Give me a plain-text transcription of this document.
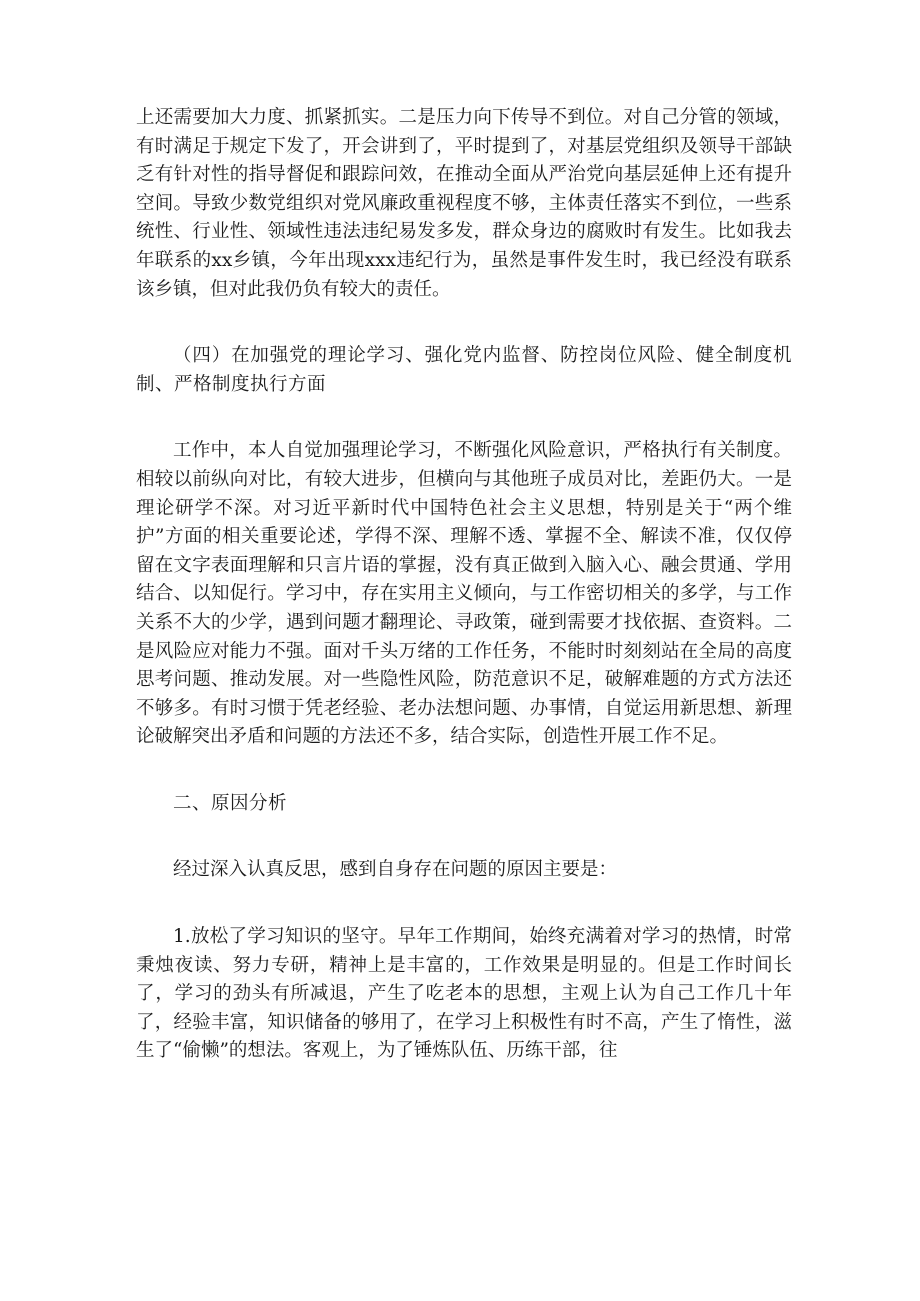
上还需要加大力度、抓紧抓实。二是压力向下传导不到位。对自己分管的领域，有时满足于规定下发了，开会讲到了，平时提到了，对基层党组织及领导干部缺乏有针对性的指导督促和跟踪问效，在推动全面从严治党向基层延伸上还有提升空间。导致少数党组织对党风廉政重视程度不够，主体责任落实不到位，一些系统性、行业性、领域性违法违纪易发多发，群众身边的腐败时有发生。比如我去年联系的xx乡镇，今年出现xxx违纪行为，虽然是事件发生时，我已经没有联系该乡镇，但对此我仍负有较大的责任。

（四）在加强党的理论学习、强化党内监督、防控岗位风险、健全制度机制、严格制度执行方面

工作中，本人自觉加强理论学习，不断强化风险意识，严格执行有关制度。相较以前纵向对比，有较大进步，但横向与其他班子成员对比，差距仍大。一是理论研学不深。对习近平新时代中国特色社会主义思想，特别是关于“两个维护”方面的相关重要论述，学得不深、理解不透、掌握不全、解读不准，仅仅停留在文字表面理解和只言片语的掌握，没有真正做到入脑入心、融会贯通、学用结合、以知促行。学习中，存在实用主义倾向，与工作密切相关的多学，与工作关系不大的少学，遇到问题才翻理论、寻政策，碰到需要才找依据、查资料。二是风险应对能力不强。面对千头万绪的工作任务，不能时时刻刻站在全局的高度思考问题、推动发展。对一些隐性风险，防范意识不足，破解难题的方式方法还不够多。有时习惯于凭老经验、老办法想问题、办事情，自觉运用新思想、新理论破解突出矛盾和问题的方法还不多，结合实际，创造性开展工作不足。

二、原因分析

经过深入认真反思，感到自身存在问题的原因主要是：

1.放松了学习知识的坚守。早年工作期间，始终充满着对学习的热情，时常秉烛夜读、努力专研，精神上是丰富的，工作效果是明显的。但是工作时间长了，学习的劲头有所减退，产生了吃老本的思想，主观上认为自己工作几十年了，经验丰富，知识储备的够用了，在学习上积极性有时不高，产生了惰性，滋生了“偷懒”的想法。客观上，为了锤炼队伍、历练干部，往
